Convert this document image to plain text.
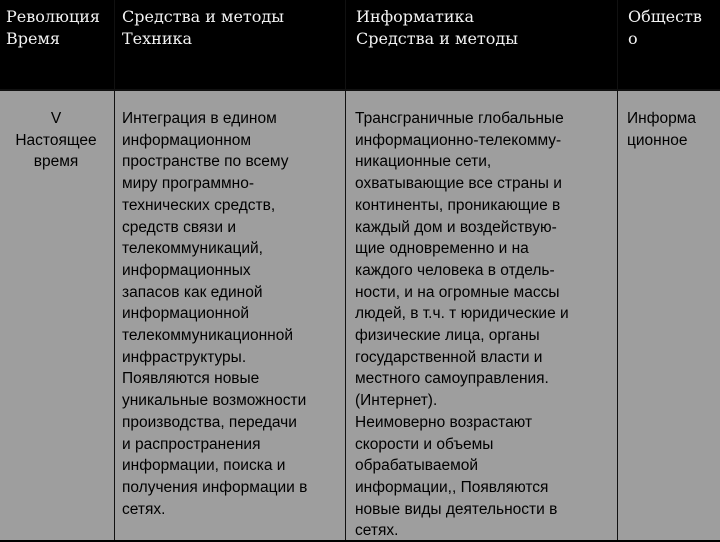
Революция
Время
Средства и методы
Техника
Информатика
Средства и методы
Обществ
о
V
Настоящее
время
Интеграция в едином
информационном
пространстве по всему
миру программно-
технических средств,
средств связи и
телекоммуникаций,
информационных
запасов как единой
информационной
телекоммуникационной
инфраструктуры.
Появляются новые
уникальные возможности
производства, передачи
и распространения
информации, поиска и
получения информации в
сетях.
Трансграничные глобальные
информационно-телекомму-
никационные сети,
охватывающие все страны и
континенты, проникающие в
каждый дом и воздействую-
щие одновременно и на
каждого человека в отдель-
ности, и на огромные массы
людей, в т.ч. т юридические и
физические лица, органы
государственной власти и
местного самоуправления.
(Интернет).
Неимоверно возрастают
скорости и объемы
обрабатываемой
информации,, Появляются
новые виды деятельности в
сетях.
Информа
ционное
